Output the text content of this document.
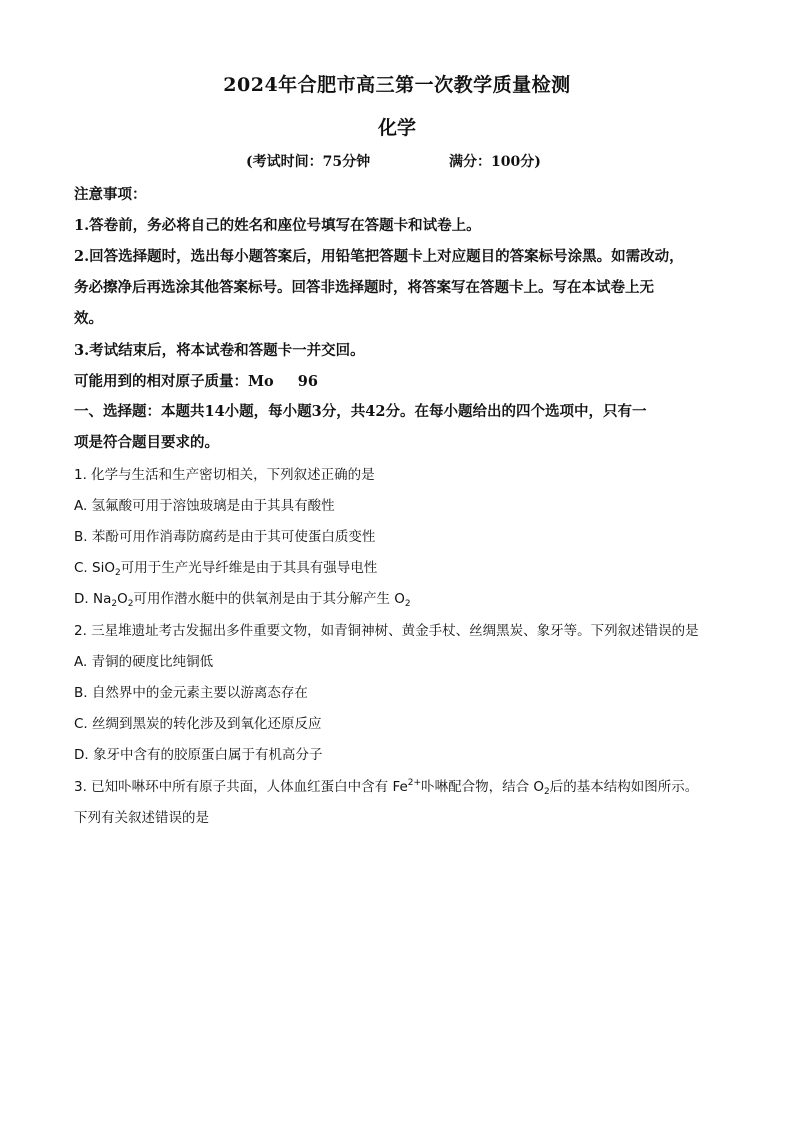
2024年合肥市高三第一次教学质量检测
化学
(考试时间：75分钟	满分：100分)
注意事项：
1.答卷前，务必将自己的姓名和座位号填写在答题卡和试卷上。
2.回答选择题时，选出每小题答案后，用铅笔把答题卡上对应题目的答案标号涂黑。如需改动，
务必擦净后再选涂其他答案标号。回答非选择题时，将答案写在答题卡上。写在本试卷上无
效。
3.考试结束后，将本试卷和答题卡一并交回。
可能用到的相对原子质量：Mo 96
一、选择题：本题共14小题，每小题3分，共42分。在每小题给出的四个选项中，只有一
项是符合题目要求的。
1. 化学与生活和生产密切相关，下列叙述正确的是
A. 氢氟酸可用于溶蚀玻璃是由于其具有酸性
B. 苯酚可用作消毒防腐药是由于其可使蛋白质变性
C. SiO$_2$可用于生产光导纤维是由于其具有强导电性
D. $Na_2O_2$可用作潜水艇中的供氧剂是由于其分解产生 $O_2$
2. 三星堆遗址考古发掘出多件重要文物，如青铜神树、黄金手杖、丝绸黑炭、象牙等。下列叙述错误的是
A. 青铜的硬度比纯铜低
B. 自然界中的金元素主要以游离态存在
C. 丝绸到黑炭的转化涉及到氧化还原反应
D. 象牙中含有的胶原蛋白属于有机高分子
3. 已知卟啉环中所有原子共面，人体血红蛋白中含有 $Fe^{2+}$卟啉配合物，结合 $O_2$后的基本结构如图所示。
下列有关叙述错误的是
